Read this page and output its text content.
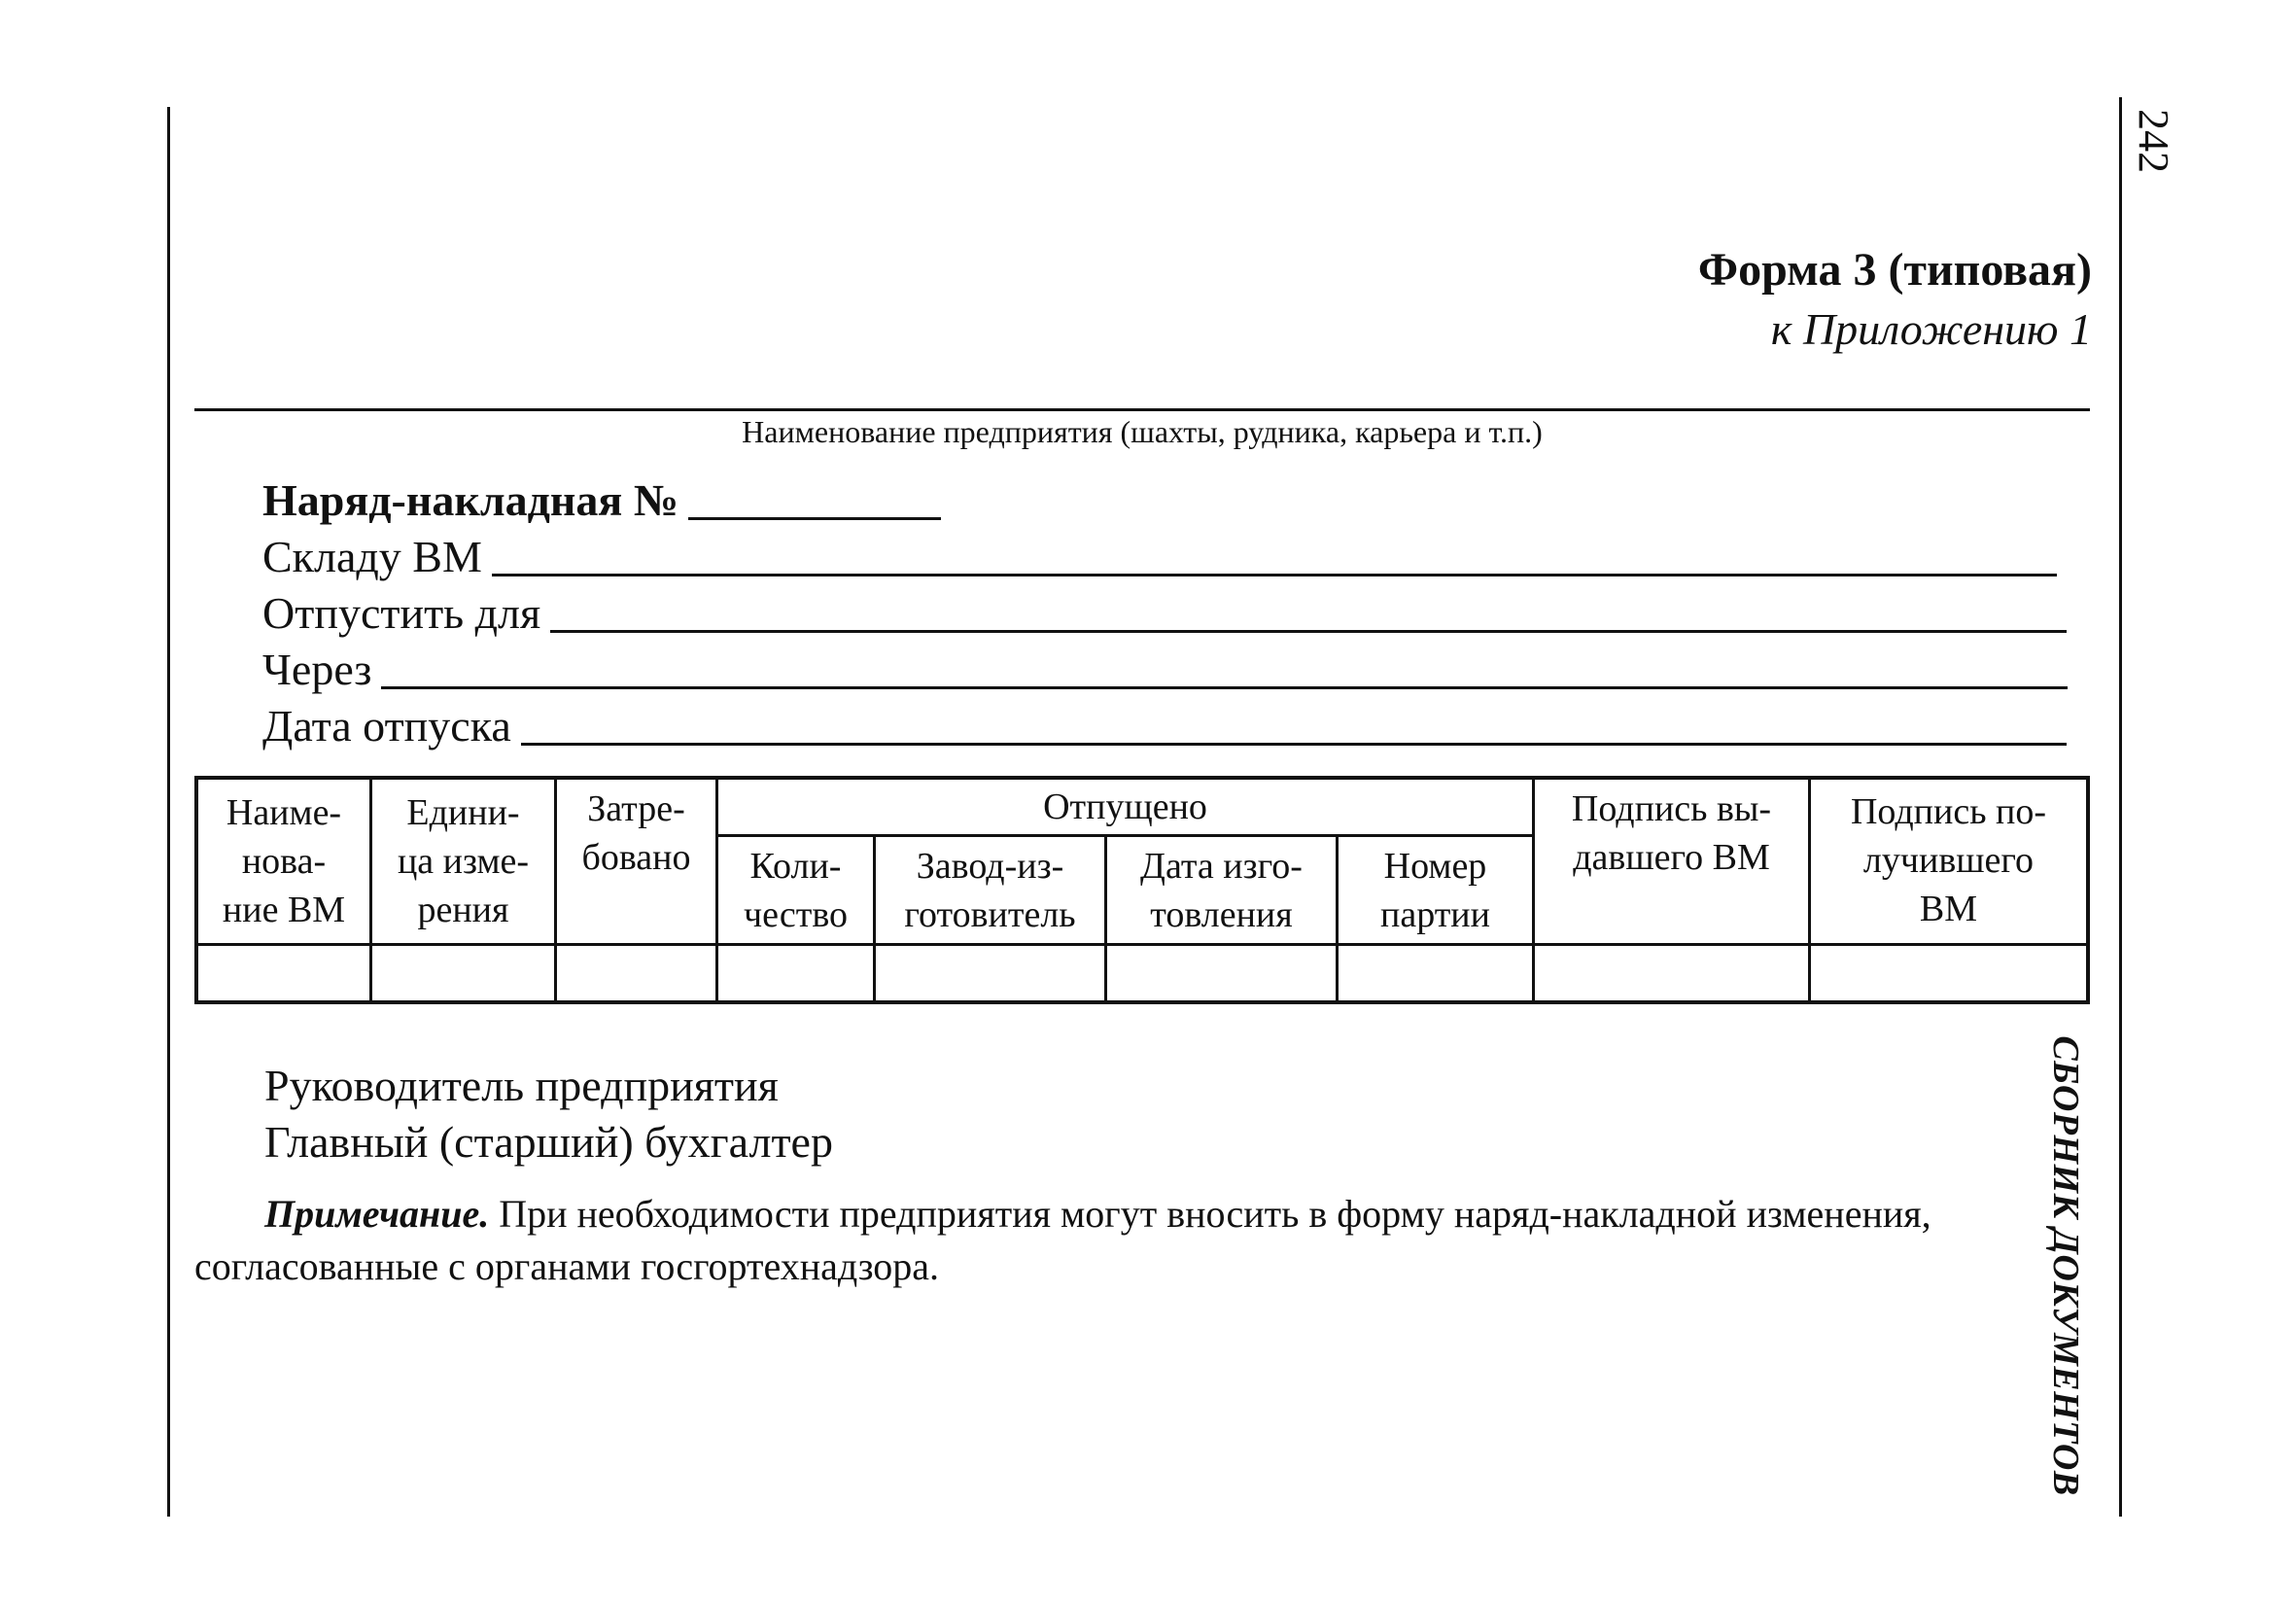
242
СБОРНИК ДОКУМЕНТОВ
Форма 3 (типовая)
к Приложению 1
Наименование предприятия (шахты, рудника, карьера и т.п.)
Наряд-накладная №
Складу ВМ
Отпустить для
Через
Дата отпуска
Наиме-
нова-
ние ВМ
Едини-
ца изме-
рения
Затре-
бовано
Отпущено
Коли-
чество
Завод-из-
готовитель
Дата изго-
товления
Номер
партии
Подпись вы-
давшего ВМ
Подпись по-
лучившего
ВМ
Руководитель предприятия
Главный (старший) бухгалтер
Примечание. При необходимости предприятия могут вносить в форму наряд-накладной изменения, согласованные с органами госгортехнадзора.
